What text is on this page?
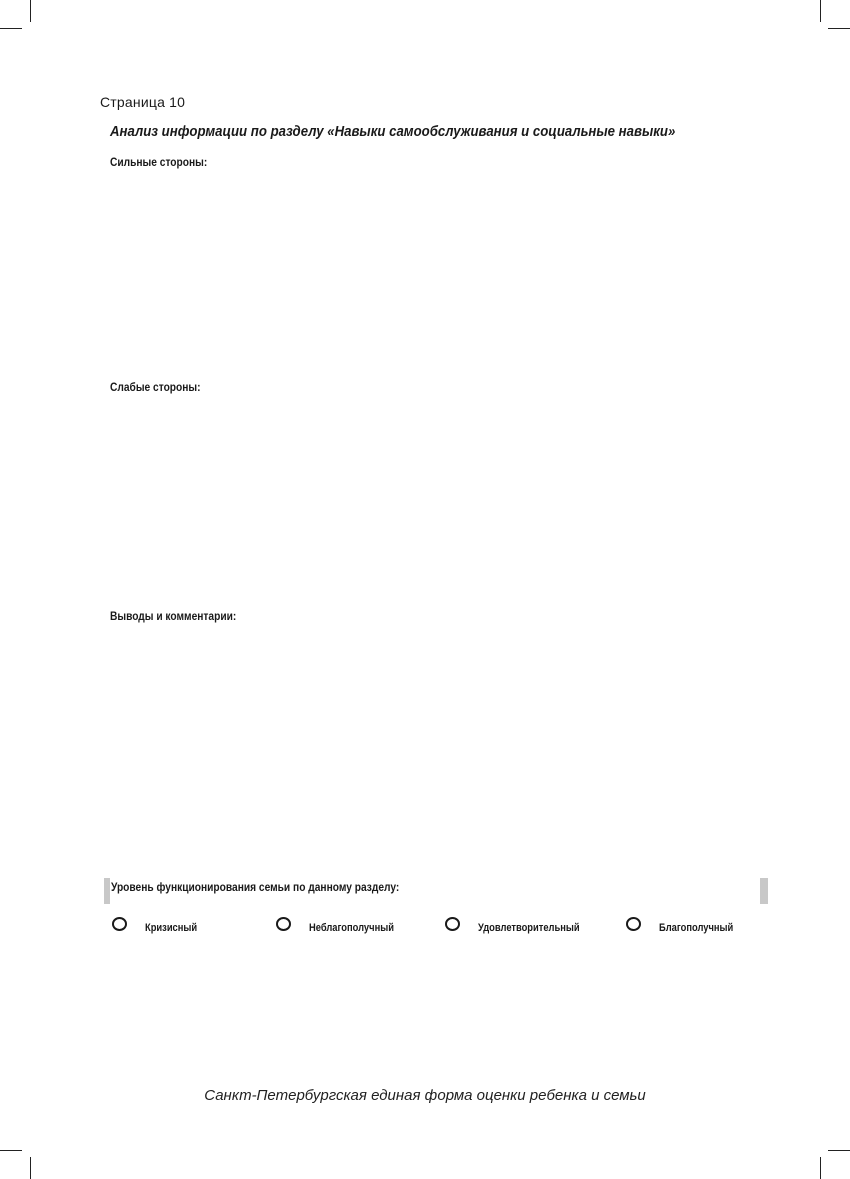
Страница 10
Анализ информации по разделу «Навыки самообслуживания и социальные навыки»
Сильные стороны:
Слабые стороны:
Выводы и комментарии:
Уровень функционирования семьи по данному разделу:
Кризисный	Неблагополучный	Удовлетворительный	Благополучный
Санкт-Петербургская единая форма оценки ребенка и семьи
